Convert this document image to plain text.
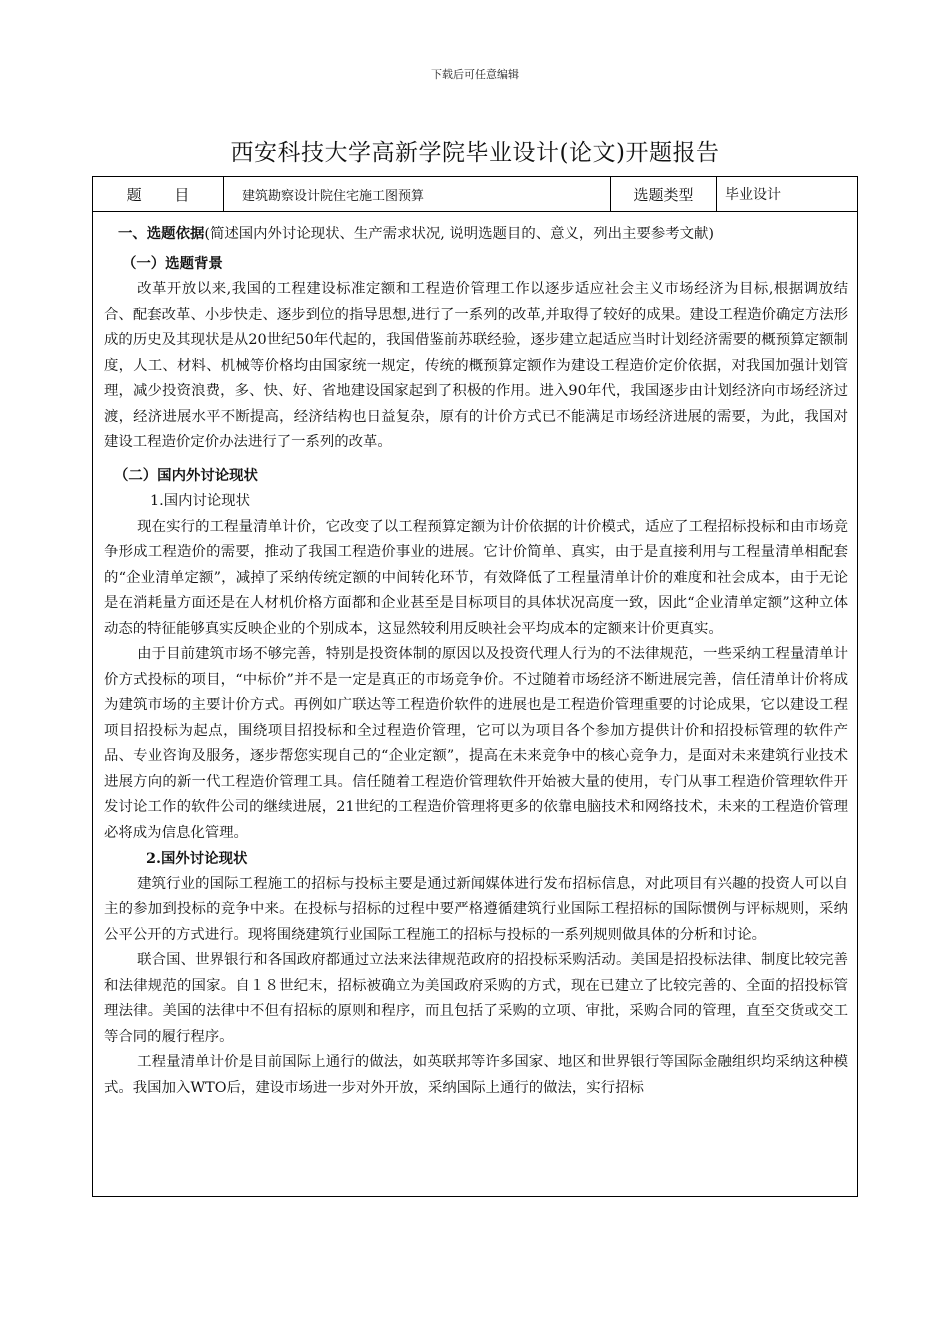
下载后可任意编辑
西安科技大学高新学院毕业设计(论文)开题报告
题 目	建筑勘察设计院住宅施工图预算	选题类型	毕业设计

一、选题依据(简述国内外讨论现状、生产需求状况, 说明选题目的、意义，列出主要参考文献)

（一）选题背景

改革开放以来,我国的工程建设标准定额和工程造价管理工作以逐步适应社会主义市场经济为目标,根据调放结合、配套改革、小步快走、逐步到位的指导思想,进行了一系列的改革,并取得了较好的成果。建设工程造价确定方法形成的历史及其现状是从20世纪50年代起的，我国借鉴前苏联经验，逐步建立起适应当时计划经济需要的概预算定额制度，人工、材料、机械等价格均由国家统一规定，传统的概预算定额作为建设工程造价定价依据，对我国加强计划管理，减少投资浪费，多、快、好、省地建设国家起到了积极的作用。进入90年代，我国逐步由计划经济向市场经济过渡，经济进展水平不断提高，经济结构也日益复杂，原有的计价方式已不能满足市场经济进展的需要，为此，我国对建设工程造价定价办法进行了一系列的改革。

（二）国内外讨论现状

1.国内讨论现状

现在实行的工程量清单计价，它改变了以工程预算定额为计价依据的计价模式，适应了工程招标投标和由市场竞争形成工程造价的需要，推动了我国工程造价事业的进展。它计价简单、真实，由于是直接利用与工程量清单相配套的“企业清单定额”，减掉了采纳传统定额的中间转化环节，有效降低了工程量清单计价的难度和社会成本，由于无论是在消耗量方面还是在人材机价格方面都和企业甚至是目标项目的具体状况高度一致，因此“企业清单定额”这种立体动态的特征能够真实反映企业的个别成本，这显然较利用反映社会平均成本的定额来计价更真实。

由于目前建筑市场不够完善，特别是投资体制的原因以及投资代理人行为的不法律规范，一些采纳工程量清单计价方式投标的项目，“中标价”并不是一定是真正的市场竞争价。不过随着市场经济不断进展完善，信任清单计价将成为建筑市场的主要计价方式。再例如广联达等工程造价软件的进展也是工程造价管理重要的讨论成果，它以建设工程项目招投标为起点，围绕项目招投标和全过程造价管理，它可以为项目各个参加方提供计价和招投标管理的软件产品、专业咨询及服务，逐步帮您实现自己的“企业定额”，提高在未来竞争中的核心竞争力，是面对未来建筑行业技术进展方向的新一代工程造价管理工具。信任随着工程造价管理软件开始被大量的使用，专门从事工程造价管理软件开发讨论工作的软件公司的继续进展，21世纪的工程造价管理将更多的依靠电脑技术和网络技术，未来的工程造价管理必将成为信息化管理。

2.国外讨论现状

建筑行业的国际工程施工的招标与投标主要是通过新闻媒体进行发布招标信息，对此项目有兴趣的投资人可以自主的参加到投标的竞争中来。在投标与招标的过程中要严格遵循建筑行业国际工程招标的国际惯例与评标规则，采纳公平公开的方式进行。现将围绕建筑行业国际工程施工的招标与投标的一系列规则做具体的分析和讨论。

联合国、世界银行和各国政府都通过立法来法律规范政府的招投标采购活动。美国是招投标法律、制度比较完善和法律规范的国家。自１８世纪末，招标被确立为美国政府采购的方式，现在已建立了比较完善的、全面的招投标管理法律。美国的法律中不但有招标的原则和程序，而且包括了采购的立项、审批，采购合同的管理，直至交货或交工等合同的履行程序。

工程量清单计价是目前国际上通行的做法，如英联邦等许多国家、地区和世界银行等国际金融组织均采纳这种模式。我国加入WTO后，建设市场进一步对外开放，采纳国际上通行的做法，实行招标
